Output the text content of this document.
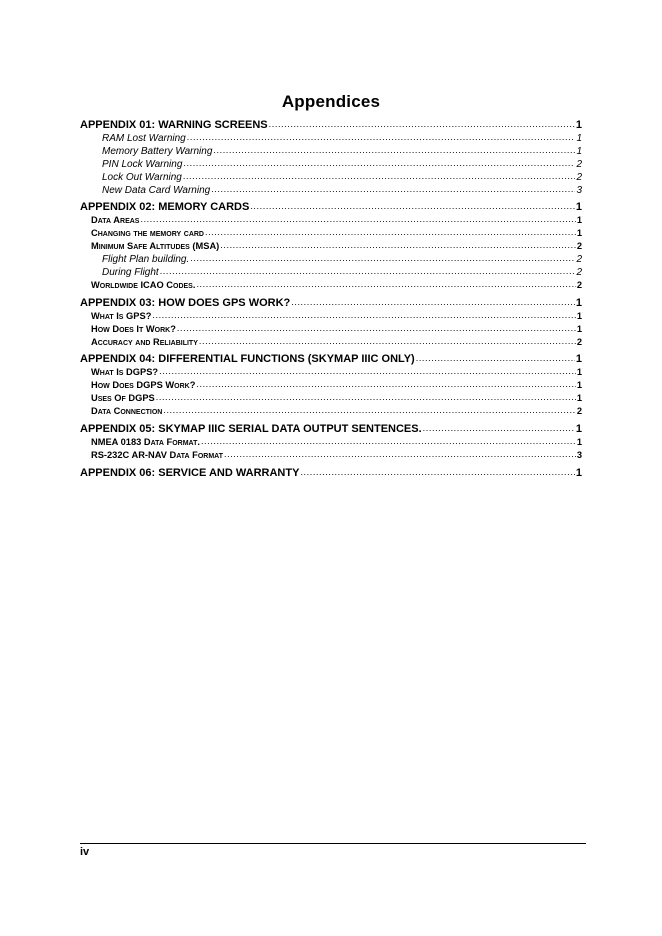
Appendices
APPENDIX 01: WARNING SCREENS .....	1
RAM Lost Warning .....	1
Memory Battery Warning .....	1
PIN Lock Warning .....	2
Lock Out Warning .....	2
New Data Card Warning .....	3
APPENDIX 02: MEMORY CARDS .....	1
Data Areas .....	1
Changing the memory card .....	1
Minimum Safe Altitudes (MSA) .....	2
Flight Plan building. .....	2
During Flight .....	2
Worldwide ICAO Codes. .....	2
APPENDIX 03: HOW DOES GPS WORK? .....	1
What Is GPS? .....	1
How Does It Work? .....	1
Accuracy and Reliability .....	2
APPENDIX 04: DIFFERENTIAL FUNCTIONS (SKYMAP IIIC ONLY) .....	1
What Is DGPS? .....	1
How Does DGPS Work? .....	1
Uses Of DGPS .....	1
Data Connection .....	2
APPENDIX 05: SKYMAP IIIC SERIAL DATA OUTPUT SENTENCES. .....	1
NMEA 0183 Data Format. .....	1
RS-232C AR-NAV Data Format .....	3
APPENDIX 06: SERVICE AND WARRANTY .....	1
iv
